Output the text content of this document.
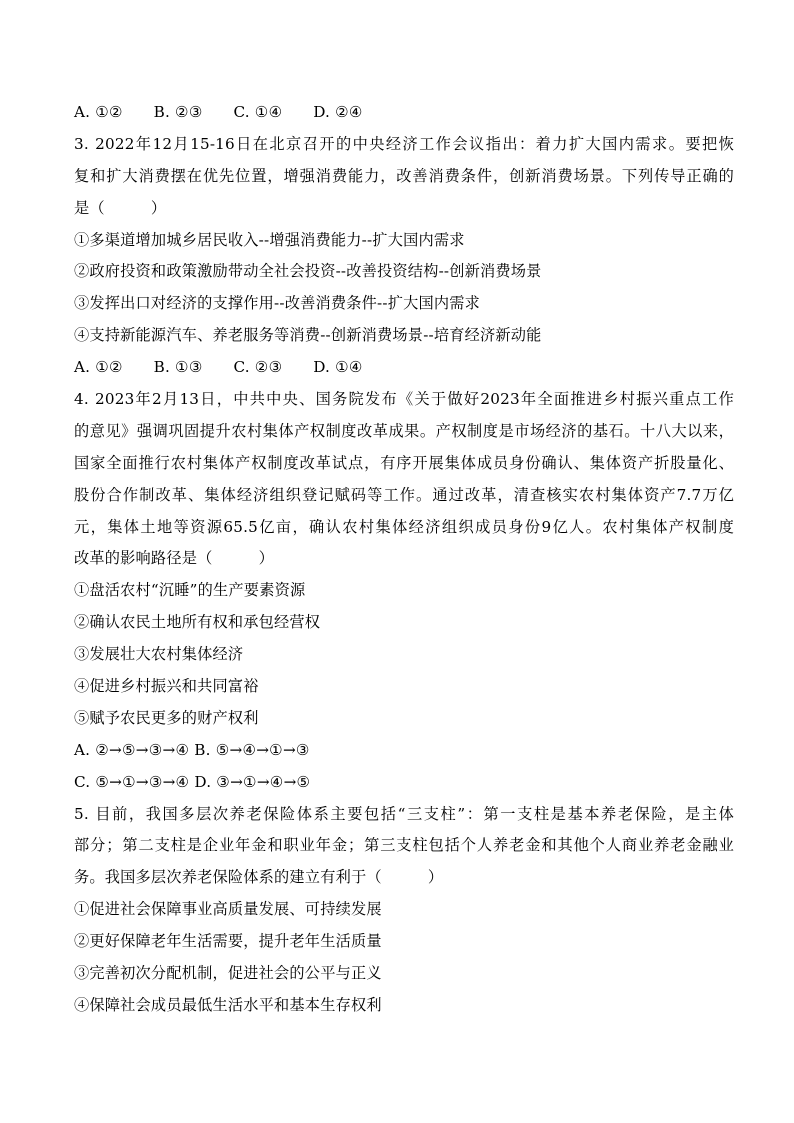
A. ①②　　B. ②③　　C. ①④　　D. ②④
3. 2022年12月15-16日在北京召开的中央经济工作会议指出：着力扩大国内需求。要把恢
复和扩大消费摆在优先位置，增强消费能力，改善消费条件，创新消费场景。下列传导正确的
是（　　　）
①多渠道增加城乡居民收入--增强消费能力--扩大国内需求
②政府投资和政策激励带动全社会投资--改善投资结构--创新消费场景
③发挥出口对经济的支撑作用--改善消费条件--扩大国内需求
④支持新能源汽车、养老服务等消费--创新消费场景--培育经济新动能
A. ①②　　B. ①③　　C. ②③　　D. ①④
4. 2023年2月13日，中共中央、国务院发布《关于做好2023年全面推进乡村振兴重点工作
的意见》强调巩固提升农村集体产权制度改革成果。产权制度是市场经济的基石。十八大以来，
国家全面推行农村集体产权制度改革试点，有序开展集体成员身份确认、集体资产折股量化、
股份合作制改革、集体经济组织登记赋码等工作。通过改革，清查核实农村集体资产7.7万亿
元，集体土地等资源65.5亿亩，确认农村集体经济组织成员身份9亿人。农村集体产权制度
改革的影响路径是（　　　）
①盘活农村“沉睡”的生产要素资源
②确认农民土地所有权和承包经营权
③发展壮大农村集体经济
④促进乡村振兴和共同富裕
⑤赋予农民更多的财产权利
A. ②→⑤→③→④ B. ⑤→④→①→③
C. ⑤→①→③→④ D. ③→①→④→⑤
5. 目前，我国多层次养老保险体系主要包括“三支柱”：第一支柱是基本养老保险，是主体
部分；第二支柱是企业年金和职业年金；第三支柱包括个人养老金和其他个人商业养老金融业
务。我国多层次养老保险体系的建立有利于（　　　）
①促进社会保障事业高质量发展、可持续发展
②更好保障老年生活需要，提升老年生活质量
③完善初次分配机制，促进社会的公平与正义
④保障社会成员最低生活水平和基本生存权利
